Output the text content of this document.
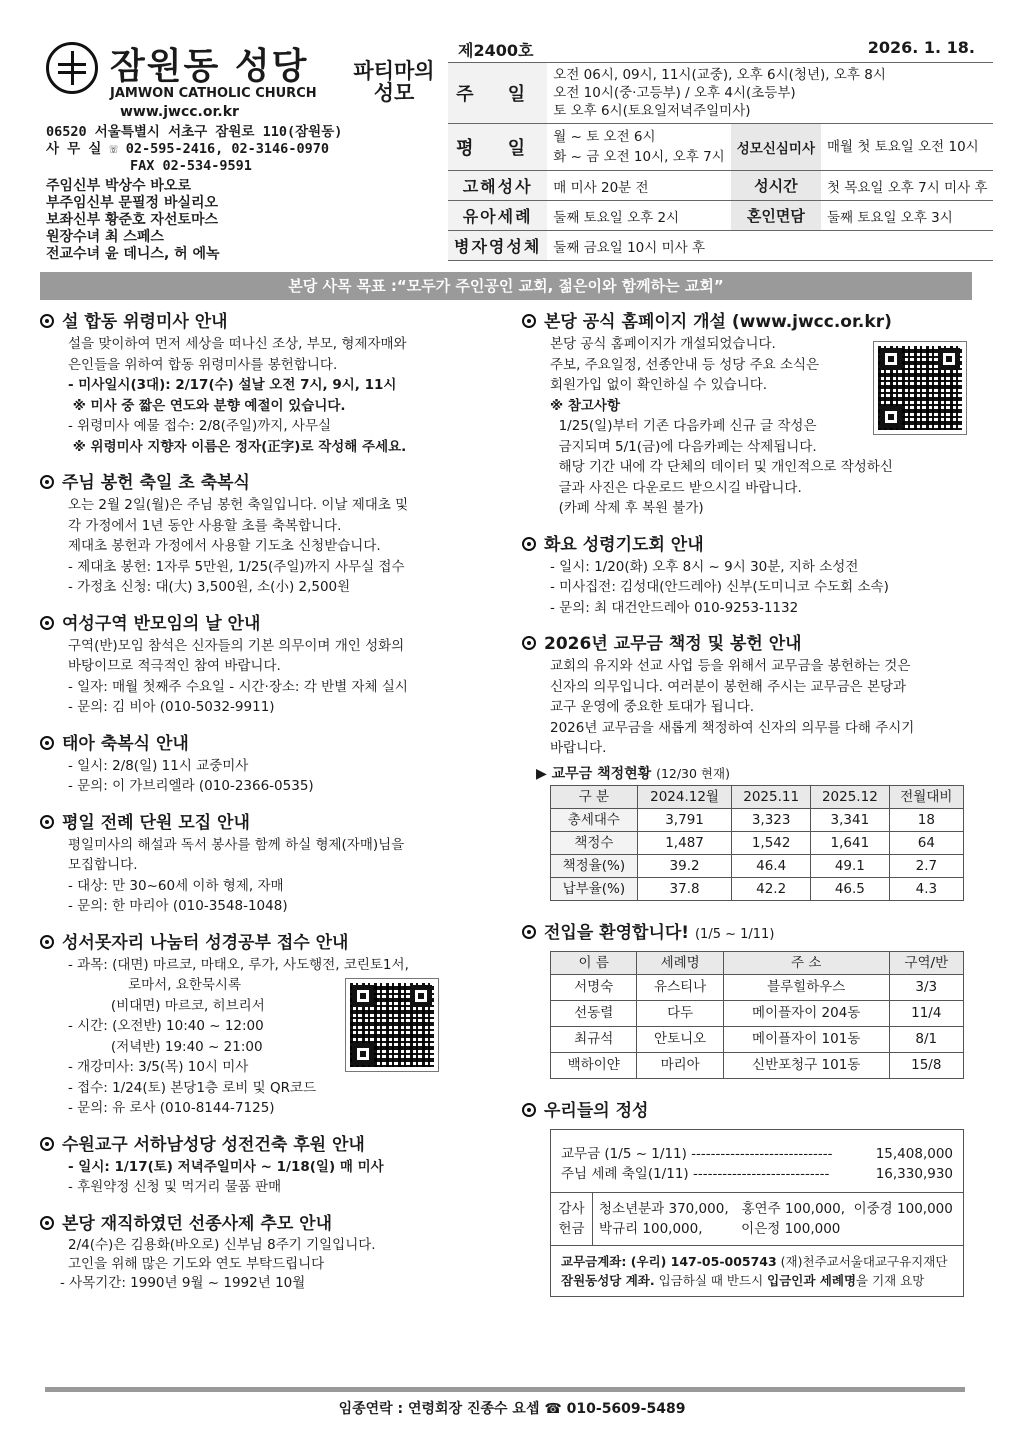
잠원동 성당
JAMWON CATHOLIC CHURCH
www.jwcc.or.kr
파티마의 성모
06520 서울특별시 서초구 잠원로 110(잠원동)
사 무 실 ☏ 02-595-2416, 02-3146-0970
FAX 02-534-9591
주임신부 박상수 바오로
부주임신부 문필정 바실리오
보좌신부 황준호 자선토마스
원장수녀 최 스페스
전교수녀 윤 데니스, 허 에녹
제2400호	2026. 1. 18.
주 일	오전 06시, 09시, 11시(교중), 오후 6시(청년), 오후 8시
오전 10시(중·고등부) / 오후 4시(초등부)
토 오후 6시(토요일저녁주일미사)		

평 일	월 ~ 토 오전 6시
화 ~ 금 오전 10시, 오후 7시	성모신심미사	매월 첫 토요일 오전 10시
고해성사	매 미사 20분 전	성시간	첫 목요일 오후 7시 미사 후
유아세례	둘째 토요일 오후 2시	혼인면담	둘째 토요일 오후 3시
병자영성체	둘째 금요일 10시 미사 후		
본당 사목 목표 :“모두가 주인공인 교회, 젊은이와 함께하는 교회”
설 합동 위령미사 안내

설을 맞이하여 먼저 세상을 떠나신 조상, 부모, 형제자매와

은인들을 위하여 합동 위령미사를 봉헌합니다.

- 미사일시(3대): 2/17(수) 설날 오전 7시, 9시, 11시

※ 미사 중 짧은 연도와 분향 예절이 있습니다.

- 위령미사 예물 접수: 2/8(주일)까지, 사무실

※ 위령미사 지향자 이름은 정자(正字)로 작성해 주세요.

주님 봉헌 축일 초 축복식

오는 2월 2일(월)은 주님 봉헌 축일입니다. 이날 제대초 및

각 가정에서 1년 동안 사용할 초를 축복합니다.

제대초 봉헌과 가정에서 사용할 기도초 신청받습니다.

- 제대초 봉헌: 1자루 5만원, 1/25(주일)까지 사무실 접수

- 가정초 신청: 대(大) 3,500원, 소(小) 2,500원

여성구역 반모임의 날 안내

구역(반)모임 참석은 신자들의 기본 의무이며 개인 성화의

바탕이므로 적극적인 참여 바랍니다.

- 일자: 매월 첫째주 수요일 - 시간·장소: 각 반별 자체 실시

- 문의: 김 비아 (010-5032-9911)

태아 축복식 안내

- 일시: 2/8(일) 11시 교중미사

- 문의: 이 가브리엘라 (010-2366-0535)

평일 전례 단원 모집 안내

평일미사의 해설과 독서 봉사를 함께 하실 형제(자매)님을

모집합니다.

- 대상: 만 30~60세 이하 형제, 자매

- 문의: 한 마리아 (010-3548-1048)

성서못자리 나눔터 성경공부 접수 안내

- 과목: (대면) 마르코, 마태오, 루가, 사도행전, 코린토1서,

로마서, 요한묵시록

(비대면) 마르코, 히브리서

- 시간: (오전반) 10:40 ~ 12:00

(저녁반) 19:40 ~ 21:00

- 개강미사: 3/5(목) 10시 미사

- 접수: 1/24(토) 본당1층 로비 및 QR코드

- 문의: 유 로사 (010-8144-7125)

수원교구 서하남성당 성전건축 후원 안내

- 일시: 1/17(토) 저녁주일미사 ~ 1/18(일) 매 미사

- 후원약정 신청 및 먹거리 물품 판매

본당 재직하였던 선종사제 추모 안내

2/4(수)은 김용화(바오로) 신부님 8주기 기일입니다.

고인을 위해 많은 기도와 연도 부탁드립니다

- 사목기간: 1990년 9월 ~ 1992년 10월

본당 공식 홈페이지 개설 (www.jwcc.or.kr)

본당 공식 홈페이지가 개설되었습니다.

주보, 주요일정, 선종안내 등 성당 주요 소식은

회원가입 없이 확인하실 수 있습니다.

※ 참고사항

1/25(일)부터 기존 다음카페 신규 글 작성은

금지되며 5/1(금)에 다음카페는 삭제됩니다.

해당 기간 내에 각 단체의 데이터 및 개인적으로 작성하신

글과 사진은 다운로드 받으시길 바랍니다.

(카페 삭제 후 복원 불가)

화요 성령기도회 안내

- 일시: 1/20(화) 오후 8시 ~ 9시 30분, 지하 소성전

- 미사집전: 김성대(안드레아) 신부(도미니코 수도회 소속)

- 문의: 최 대건안드레아 010-9253-1132

2026년 교무금 책정 및 봉헌 안내

교회의 유지와 선교 사업 등을 위해서 교무금을 봉헌하는 것은

신자의 의무입니다. 여러분이 봉헌해 주시는 교무금은 본당과

교구 운영에 중요한 토대가 됩니다.

2026년 교무금을 새롭게 책정하여 신자의 의무를 다해 주시기

바랍니다.

▶ 교무금 책정현황 (12/30 현재)
구 분	2024.12월	2025.11	2025.12	전월대비
총세대수	3,791	3,323	3,341	18
책정수	1,487	1,542	1,641	64
책정율(%)	39.2	46.4	49.1	2.7
납부율(%)	37.8	42.2	46.5	4.3
전입을 환영합니다! (1/5 ~ 1/11)
이 름	세례명	주 소	구역/반
서명숙	유스티나	블루힐하우스	3/3
선동렬	다두	메이플자이 204동	11/4
최규석	안토니오	메이플자이 101동	8/1
백하이얀	마리아	신반포청구 101동	15/8
우리들의 정성
교무금 (1/5 ~ 1/11) -----------------------------	15,408,000
주님 세례 축일(1/11) ----------------------------	16,330,930
감사
헌금
청소년분과 370,000,   홍연주 100,000,  이중경 100,000
박규리 100,000,         이은정 100,000
교무금계좌: (우리) 147-05-005743 (재)천주교서울대교구유지재단
잠원동성당 계좌. 입금하실 때 반드시 입금인과 세례명을 기재 요망
임종연락 : 연령회장 진종수 요셉 ☎ 010-5609-5489
